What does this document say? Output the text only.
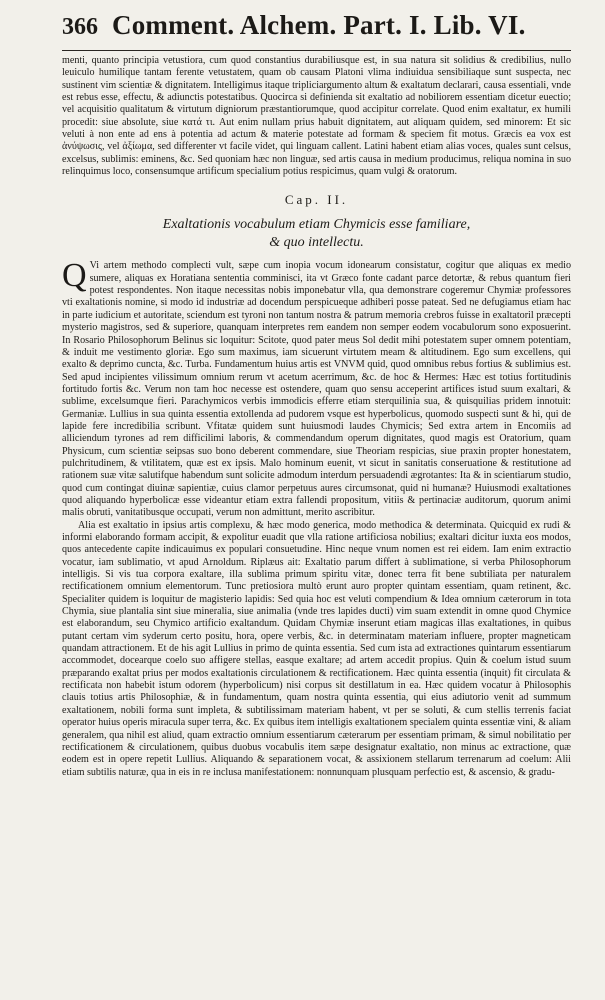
366 Comment. Alchem. Part. I. Lib. VI.

menti, quanto principia vetustiora, cum quod constantius durabiliusque est, in sua natura sit solidius & credibilius, nullo leuiculo humilique tantam ferente vetustatem, quam ob causam Platoni vlima indiuidua sensibiliaque sunt suspecta, nec sustinent vim scientiæ & dignitatem. Intelligimus itaque tripliciargumento altum & exaltatum declarari, causa essentiali, vnde est rebus esse, effectu, & adiunctis potestatibus. Quocirca si definienda sit exaltatio ad nobiliorem essentiam dicetur euectio; vel acquisitio qualitatum & virtutum digniorum præstantiorumque, quod accipitur correlate. Quod enim exaltatur, ex humili procedit: siue absolute, siue κατά τι. Aut enim nullam prius habuit dignitatem, aut aliquam quidem, sed minorem: Et sic veluti à non ente ad ens à potentia ad actum & materie potestate ad formam & speciem fit motus. Græcis ea vox est ἀνύψωσις, vel ἀξίωμα, sed differenter vt facile videt, qui linguam callent. Latini habent etiam alias voces, quales sunt celsus, excelsus, sublimis: eminens, &c. Sed quoniam hæc non linguæ, sed artis causa in medium producimus, reliqua nomina in suo relinquimus loco, consensumque artificum specialium potius respicimus, quam vulgi & oratorum.

Cap. II.
Exaltationis vocabulum etiam Chymicis esse familiare,
& quo intellectu.

QVi artem methodo complecti vult, sæpe cum inopia vocum idonearum consistatur, cogitur que aliquas ex medio sumere, aliquas ex Horatiana sententia comminisci, ita vt Græco fonte cadant parce detortæ, & rebus quantum fieri potest respondentes. Non itaque necessitas nobis imponebatur vlla, qua demonstrare cogeremur Chymiæ professores vti exaltationis nomine, si modo id industriæ ad docendum perspicueque adhiberi posse pateat. Sed ne defugiamus etiam hac in parte iudicium et autoritate, sciendum est tyroni non tantum nostra & patrum memoria crebros fuisse in exaltatoril præcepti mysterio magistros, sed & superiore, quanquam interpretes rem eandem non semper eodem vocabulorum sono exposuerint. In Rosario Philosophorum Belinus sic loquitur: Scitote, quod pater meus Sol dedit mihi potestatem super omnem potentiam, & induit me vestimento gloriæ. Ego sum maximus, iam sicuerunt virtutem meam & altitudinem. Ego sum excellens, qui exalto & deprimo cuncta, &c. Turba. Fundamentum huius artis est VNVM quid, quod omnibus rebus fortius & sublimius est. Sed apud incipientes vilissimum omnium rerum vt acetum acerrimum, &c. de hoc & Hermes: Hæc est totius fortitudinis fortitudo fortis &c. Verum non tam hoc necesse est ostendere, quam quo sensu acceperint artifices istud suum exaltari, & sublime, excelsumque fieri. Parachymicos verbis immodicis efferre etiam sterquilinia sua, & quisquilias pridem innotuit: Germaniæ. Lullius in sua quinta essentia extollenda ad pudorem vsque est hyperbolicus, quomodo suspecti sunt & hi, qui de lapide fere incredibilia scribunt. Vfitatæ quidem sunt huiusmodi laudes Chymicis; Sed extra artem in Encomiis ad alliciendum tyrones ad rem difficilimi laboris, & commendandum operum dignitates, quod magis est Oratorium, quam Physicum, cum scientiæ seipsas suo bono deberent commendare, siue Theoriam respicias, siue praxin propter honestatem, pulchritudinem, & vtilitatem, quæ est ex ipsis. Malo hominum euenit, vt sicut in sanitatis conseruatione & restitutione ad rationem suæ vitæ salutifque habendum sunt solicite admodum interdum persuadendi ægrotantes: Ita & in scientiarum studio, quod cum contingat diuinæ sapientiæ, cuius clamor perpetuus aures circumsonat, quid ni humanæ? Huiusmodi exaltationes quod aliquando hyperbolicæ esse videantur etiam extra fallendi propositum, vitiis & pertinaciæ auditorum, quorum animi malis obruti, vanitatibusque occupati, verum non admittunt, merito ascribitur.

Alia est exaltatio in ipsius artis complexu, & hæc modo generica, modo methodica & determinata. Quicquid ex rudi & informi elaborando formam accipit, & expolitur euadit que vlla ratione artificiosa nobilius; exaltari dicitur iuxta eos modos, quos antecedente capite indicauimus ex populari consuetudine. Hinc neque vnum nomen est rei eidem. Iam enim extractio vocatur, iam sublimatio, vt apud Arnoldum. Riplæus ait: Exaltatio parum differt à sublimatione, si verba Philosophorum intelligis. Si vis tua corpora exaltare, illa sublima primum spiritu vitæ, donec terra fit bene subtiliata per naturalem rectificationem omnium elementorum. Tunc pretiosiora multò erunt auro propter quintam essentiam, quam retinent, &c. Specialiter quidem is loquitur de magisterio lapidis: Sed quia hoc est veluti compendium & Idea omnium cæterorum in tota Chymia, siue plantalia sint siue mineralia, siue animalia (vnde tres lapides ducti) vim suam extendit in omne quod Chymice est elaborandum, seu Chymico artificio exaltandum. Quidam Chymiæ inserunt etiam magicas illas exaltationes, in quibus putant certam vim syderum certo positu, hora, opere verbis, &c. in determinatam materiam influere, propter magneticam quandam attractionem. Et de his agit Lullius in primo de quinta essentia. Sed cum ista ad extractiones quintarum essentiarum accommodet, docearque coelo suo affigere stellas, easque exaltare; ad artem accedit propius. Quin & coelum istud suum præparando exaltat prius per modos exaltationis circulationem & rectificationem. Hæc quinta essentia (inquit) fit circulata & rectificata non habebit istum odorem (hyperbolicum) nisi corpus sit destillatum in ea. Hæc quidem vocatur à Philosophis clauis totius artis Philosophiæ, & in fundamentum, quam nostra quinta essentia, qui eius adiutorio venit ad summum exaltationem, nobili forma sunt impleta, & subtilissimam materiam habent, vt per se soluti, & cum stellis terrenis faciat operator huius operis miracula super terra, &c. Ex quibus item intelligis exaltationem specialem quinta essentiæ vini, & aliam generalem, qua nihil est aliud, quam extractio omnium essentiarum cæterarum per essentiam primam, & simul nobilitatio per rectificationem & circulationem, quibus duobus vocabulis item sæpe designatur exaltatio, non minus ac extractione, quæ eodem est in opere repetit Lullius. Aliquando & separationem vocat, & assixionem stellarum terrenarum ad coelum: Alii etiam subtilis naturæ, qua in eis in re inclusa manifestationem: nonnunquam plusquam perfectio est, & ascensio, & gradu-
